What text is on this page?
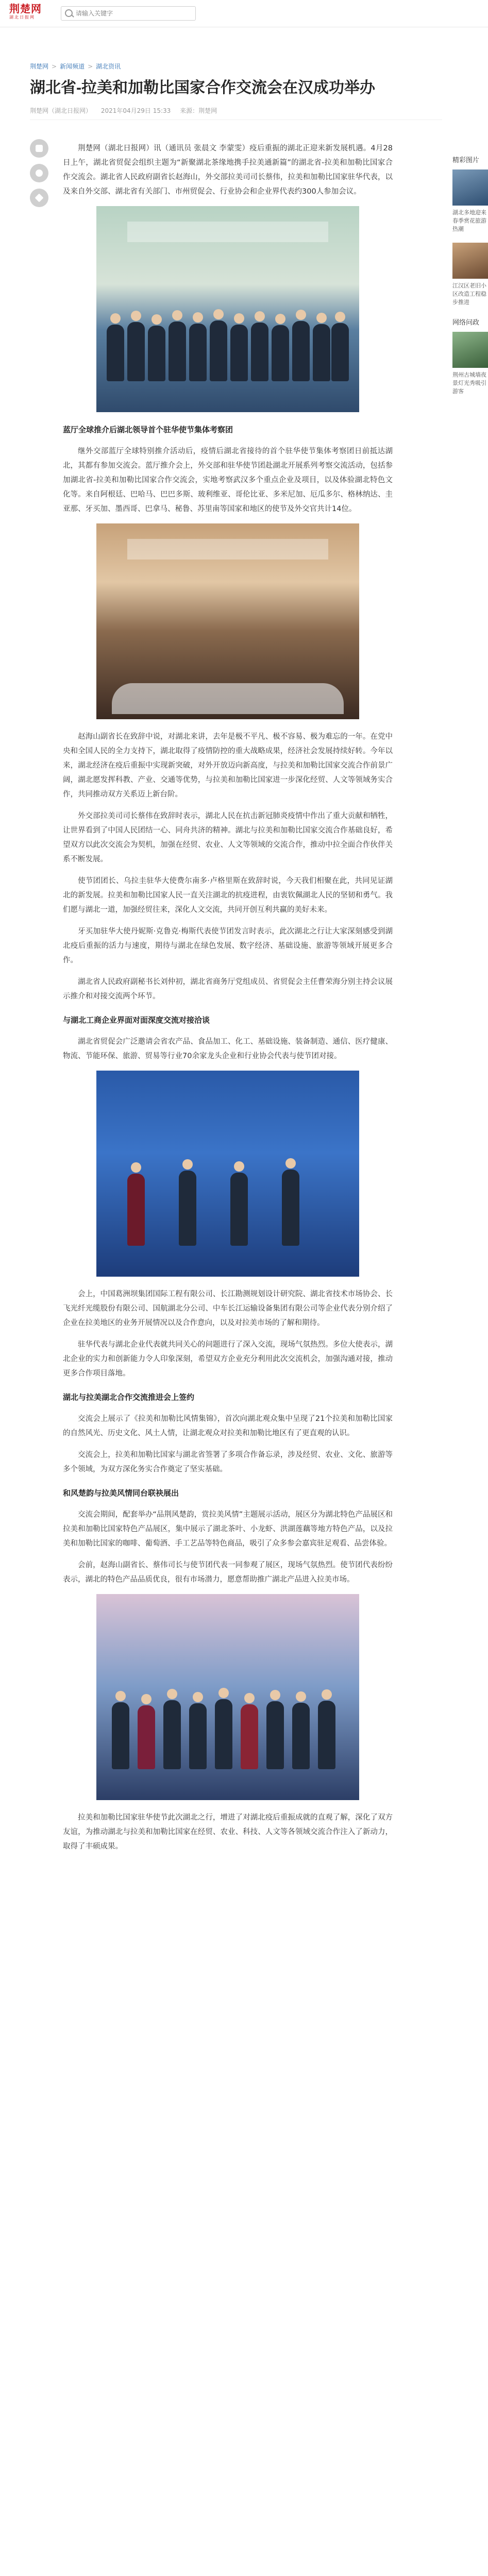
荆楚网
湖北日报网
请输入关键字
荆楚网 > 新闻频道 > 湖北资讯
湖北省-拉美和加勒比国家合作交流会在汉成功举办
荆楚网（湖北日报网） 2021年04月29日 15:33 来源：荆楚网

荆楚网（湖北日报网）讯（通讯员 张晨文 李蒙雯）疫后重振的湖北正迎来新发展机遇。4月28日上午，湖北省贸促会组织主题为“新聚湖北茶缘地携手拉美通新篇”的湖北省-拉美和加勒比国家合作交流会。湖北省人民政府副省长赵海山，外交部拉美司司长蔡伟，拉美和加勒比国家驻华代表，以及来自外交部、湖北省有关部门、市州贸促会、行业协会和企业界代表约300人参加会议。

蓝厅全球推介后湖北领导首个驻华使节集体考察团

继外交部蓝厅全球特别推介活动后，疫情后湖北省接待的首个驻华使节集体考察团日前抵达湖北，其都有参加交流会。蓝厅推介会上，外交部和驻华使节团赴湖北开展系列考察交流活动，包括参加湖北省-拉美和加勒比国家合作交流会，实地考察武汉多个重点企业及项目，以及体验湖北特色文化等。来自阿根廷、巴哈马、巴巴多斯、玻利维亚、哥伦比亚、多米尼加、厄瓜多尔、格林纳达、圭亚那、牙买加、墨西哥、巴拿马、秘鲁、苏里南等国家和地区的使节及外交官共计14位。

赵海山副省长在致辞中说，对湖北来讲，去年是极不平凡、极不容易、极为难忘的一年。在党中央和全国人民的全力支持下，湖北取得了疫情防控的重大战略成果，经济社会发展持续好转。今年以来，湖北经济在疫后重振中实现新突破，对外开放迈向新高度，与拉美和加勒比国家交流合作前景广阔，湖北愿发挥科教、产业、交通等优势，与拉美和加勒比国家进一步深化经贸、人文等领域务实合作，共同推动双方关系迈上新台阶。

外交部拉美司司长蔡伟在致辞时表示，湖北人民在抗击新冠肺炎疫情中作出了重大贡献和牺牲，让世界看到了中国人民团结一心、同舟共济的精神。湖北与拉美和加勒比国家交流合作基础良好，希望双方以此次交流会为契机，加强在经贸、农业、人文等领域的交流合作，推动中拉全面合作伙伴关系不断发展。

使节团团长、乌拉圭驻华大使费尔南多·卢格里斯在致辞时说，今天我们相聚在此，共同见证湖北的新发展。拉美和加勒比国家人民一直关注湖北的抗疫进程，由衷钦佩湖北人民的坚韧和勇气。我们愿与湖北一道，加强经贸往来，深化人文交流，共同开创互利共赢的美好未来。

牙买加驻华大使丹妮斯·克鲁克·梅斯代表使节团发言时表示，此次湖北之行让大家深刻感受到湖北疫后重振的活力与速度，期待与湖北在绿色发展、数字经济、基础设施、旅游等领域开展更多合作。

湖北省人民政府副秘书长刘仲初，湖北省商务厅党组成员、省贸促会主任曹荣海分别主持会议展示推介和对接交流两个环节。

与湖北工商企业界面对面深度交流对接洽谈

湖北省贸促会广泛邀请会省农产品、食品加工、化工、基础设施、装备制造、通信、医疗健康、物流、节能环保、旅游、贸易等行业70余家龙头企业和行业协会代表与使节团对接。

会上，中国葛洲坝集团国际工程有限公司、长江勘测规划设计研究院、湖北省技术市场协会、长飞光纤光缆股份有限公司、国航湖北分公司、中车长江运输设备集团有限公司等企业代表分别介绍了企业在拉美地区的业务开展情况以及合作意向，以及对拉美市场的了解和期待。

驻华代表与湖北企业代表就共同关心的问题进行了深入交流，现场气氛热烈。多位大使表示，湖北企业的实力和创新能力令人印象深刻，希望双方企业充分利用此次交流机会，加强沟通对接，推动更多合作项目落地。

湖北与拉美湖北合作交流推进会上签约

交流会上展示了《拉美和加勒比风情集锦》，首次向湖北观众集中呈现了21个拉美和加勒比国家的自然风光、历史文化、风土人情，让湖北观众对拉美和加勒比地区有了更直观的认识。

交流会上，拉美和加勒比国家与湖北省签署了多项合作备忘录，涉及经贸、农业、文化、旅游等多个领域，为双方深化务实合作奠定了坚实基础。

和风楚韵与拉美风情同台联袂展出

交流会期间，配套举办“品荆风楚韵，赏拉美风情”主题展示活动，展区分为湖北特色产品展区和拉美和加勒比国家特色产品展区，集中展示了湖北茶叶、小龙虾、洪湖莲藕等地方特色产品，以及拉美和加勒比国家的咖啡、葡萄酒、手工艺品等特色商品，吸引了众多参会嘉宾驻足观看、品尝体验。

会前，赵海山副省长、蔡伟司长与使节团代表一同参观了展区，现场气氛热烈。使节团代表纷纷表示，湖北的特色产品品质优良，很有市场潜力，愿意帮助推广湖北产品进入拉美市场。

拉美和加勒比国家驻华使节此次湖北之行，增进了对湖北疫后重振成就的直观了解，深化了双方友谊，为推动湖北与拉美和加勒比国家在经贸、农业、科技、人文等各领域交流合作注入了新动力，取得了丰硕成果。

精彩图片
湖北多地迎来春季赏花旅游热潮
江汉区老旧小区改造工程稳步推进
网络问政
荆州古城墙夜景灯光秀吸引游客
